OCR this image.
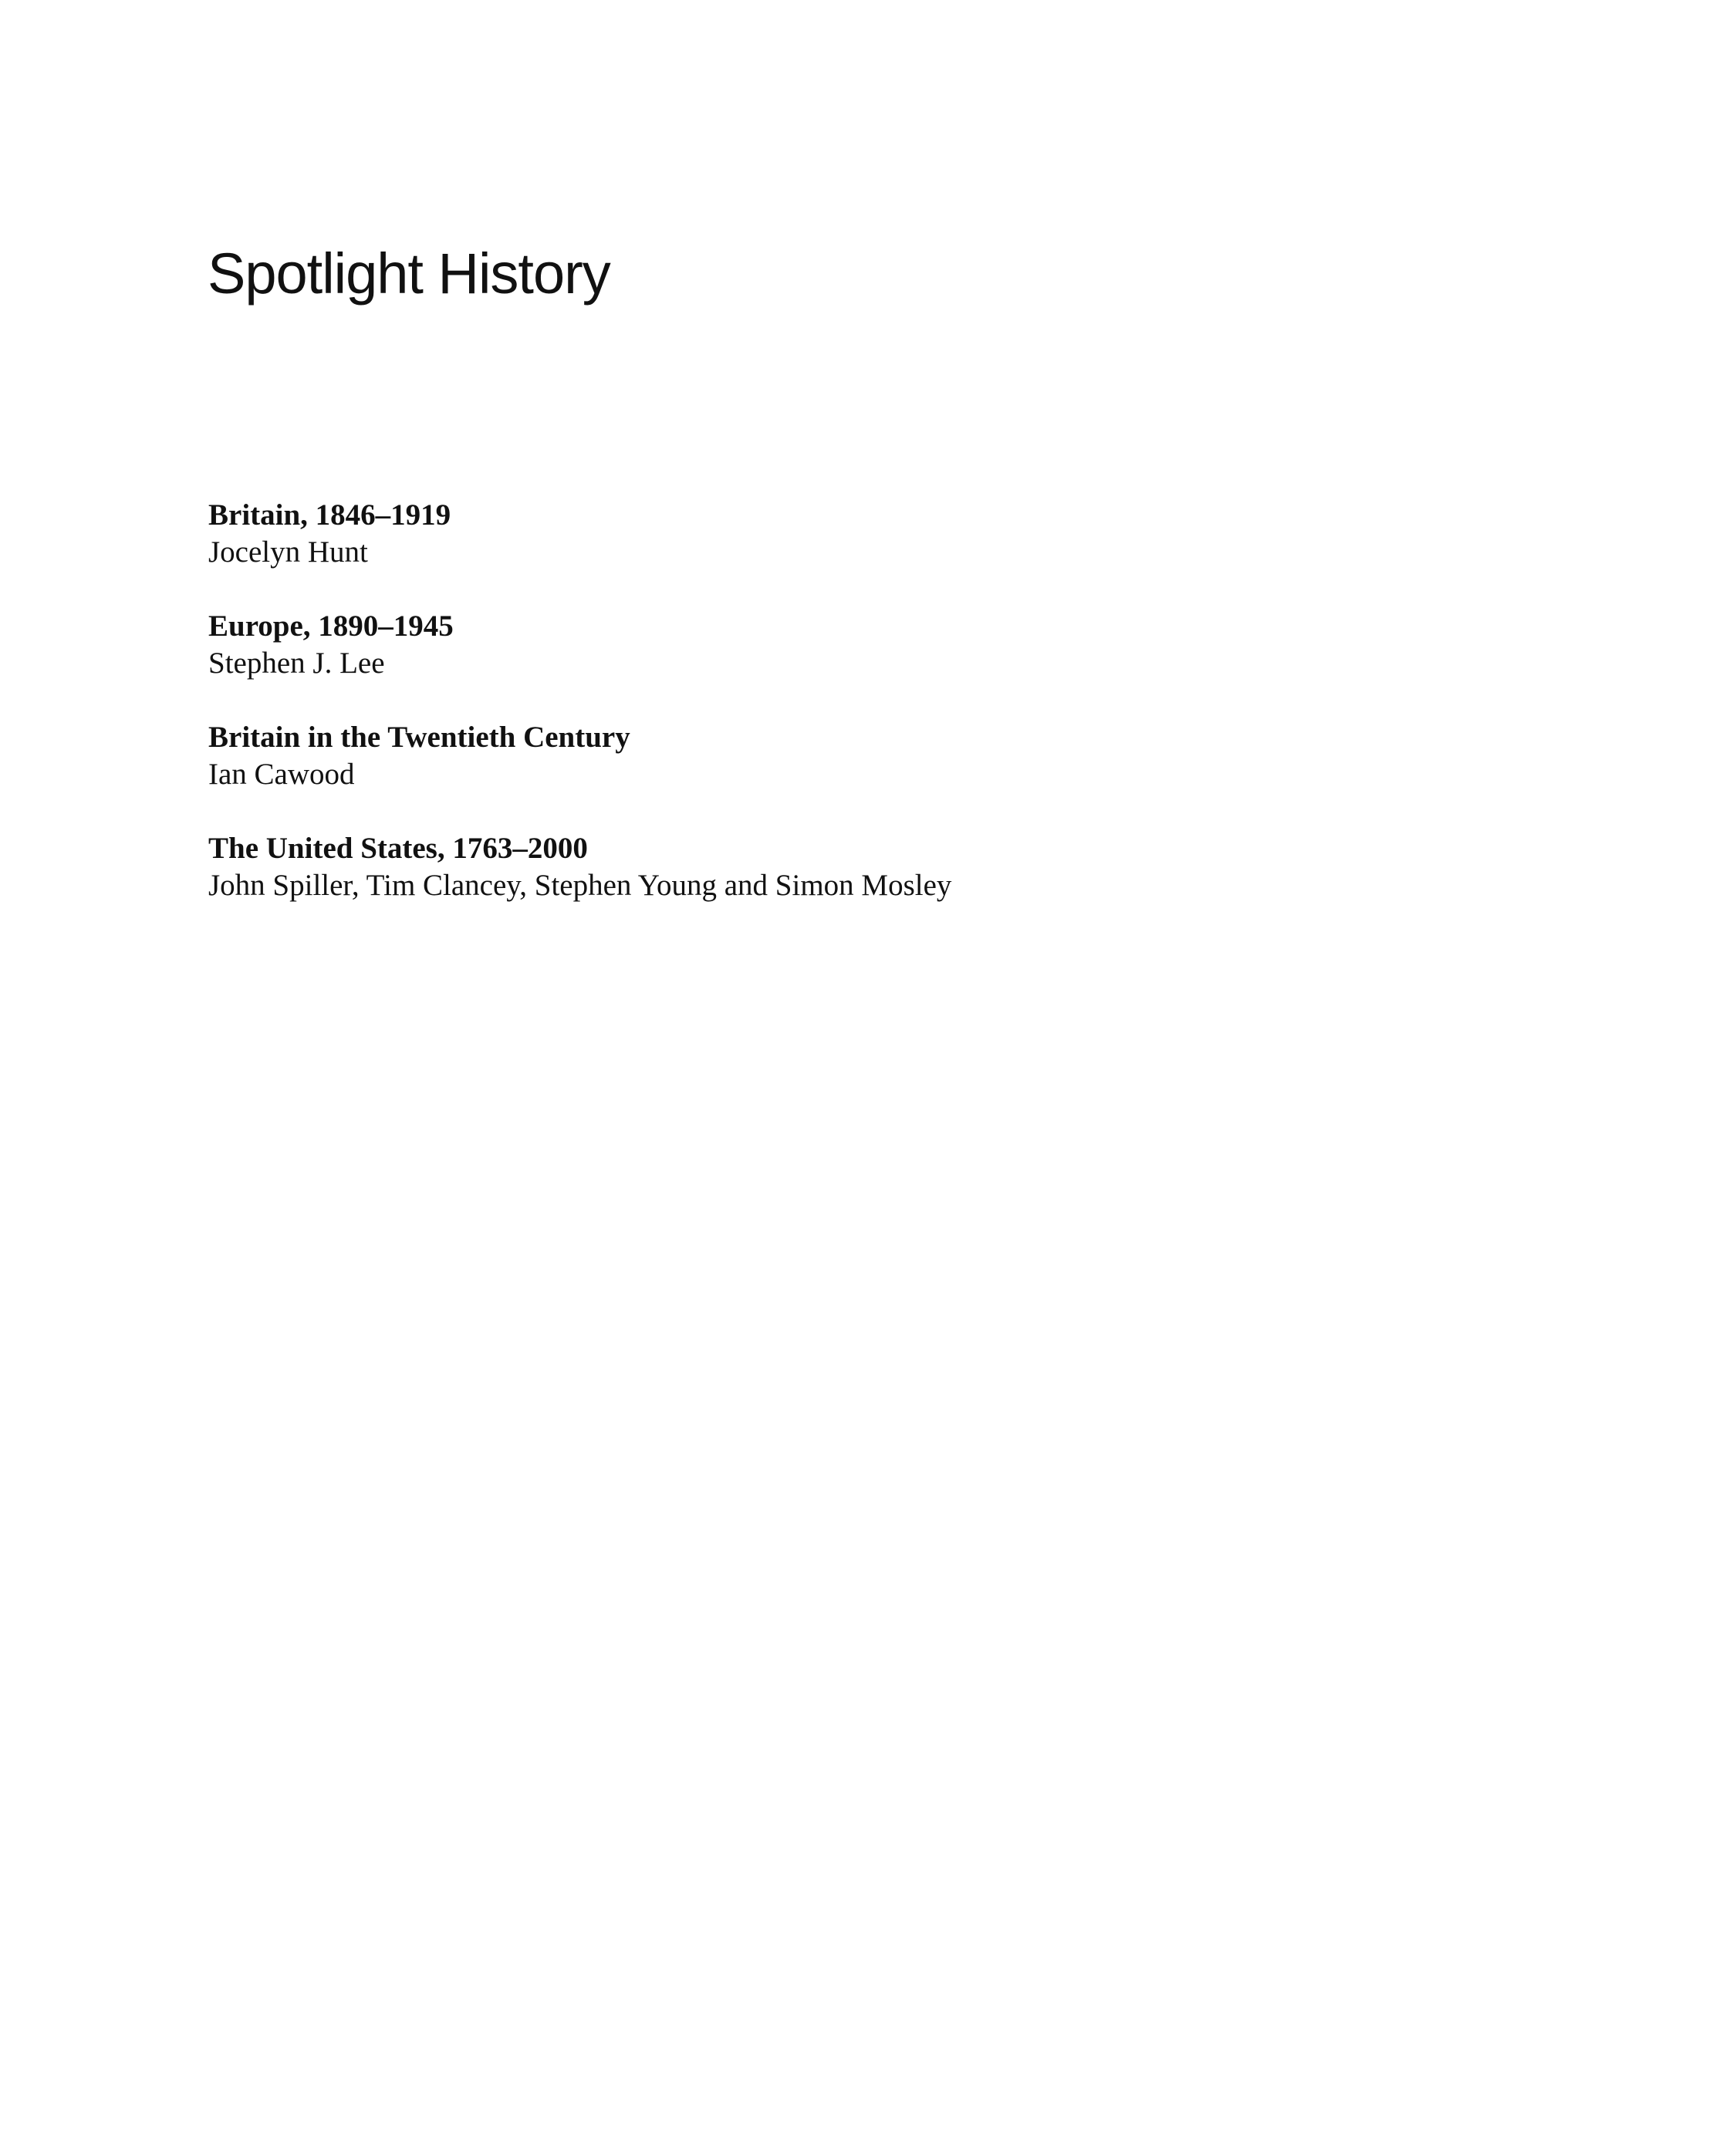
Spotlight History
Britain, 1846–1919
Jocelyn Hunt
Europe, 1890–1945
Stephen J. Lee
Britain in the Twentieth Century
Ian Cawood
The United States, 1763–2000
John Spiller, Tim Clancey, Stephen Young and Simon Mosley
